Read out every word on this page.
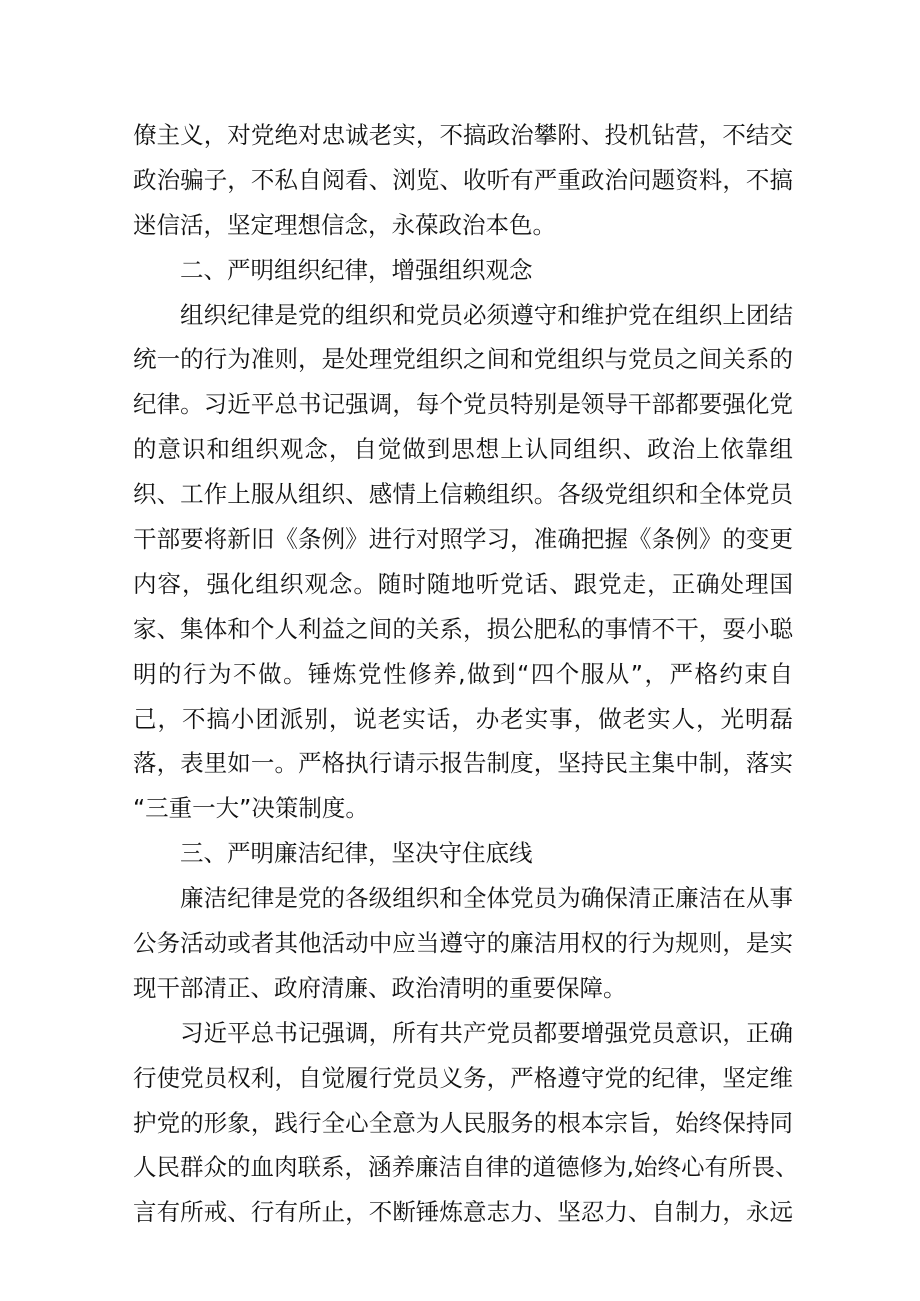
僚主义，对党绝对忠诚老实，不搞政治攀附、投机钻营，不结交
政治骗子，不私自阅看、浏览、收听有严重政治问题资料，不搞
迷信活，坚定理想信念，永葆政治本色。
二、严明组织纪律，增强组织观念
组织纪律是党的组织和党员必须遵守和维护党在组织上团结
统一的行为准则，是处理党组织之间和党组织与党员之间关系的
纪律。习近平总书记强调，每个党员特别是领导干部都要强化党
的意识和组织观念，自觉做到思想上认同组织、政治上依靠组
织、工作上服从组织、感情上信赖组织。各级党组织和全体党员
干部要将新旧《条例》进行对照学习，准确把握《条例》的变更
内容，强化组织观念。随时随地听党话、跟党走，正确处理国
家、集体和个人利益之间的关系，损公肥私的事情不干，耍小聪
明的行为不做。锤炼党性修养,做到“四个服从”，严格约束自
己，不搞小团派别，说老实话，办老实事，做老实人，光明磊
落，表里如一。严格执行请示报告制度，坚持民主集中制，落实
“三重一大”决策制度。
三、严明廉洁纪律，坚决守住底线
廉洁纪律是党的各级组织和全体党员为确保清正廉洁在从事
公务活动或者其他活动中应当遵守的廉洁用权的行为规则，是实
现干部清正、政府清廉、政治清明的重要保障。
习近平总书记强调，所有共产党员都要增强党员意识，正确
行使党员权利，自觉履行党员义务，严格遵守党的纪律，坚定维
护党的形象，践行全心全意为人民服务的根本宗旨，始终保持同
人民群众的血肉联系，涵养廉洁自律的道德修为,始终心有所畏、
言有所戒、行有所止，不断锤炼意志力、坚忍力、自制力，永远
